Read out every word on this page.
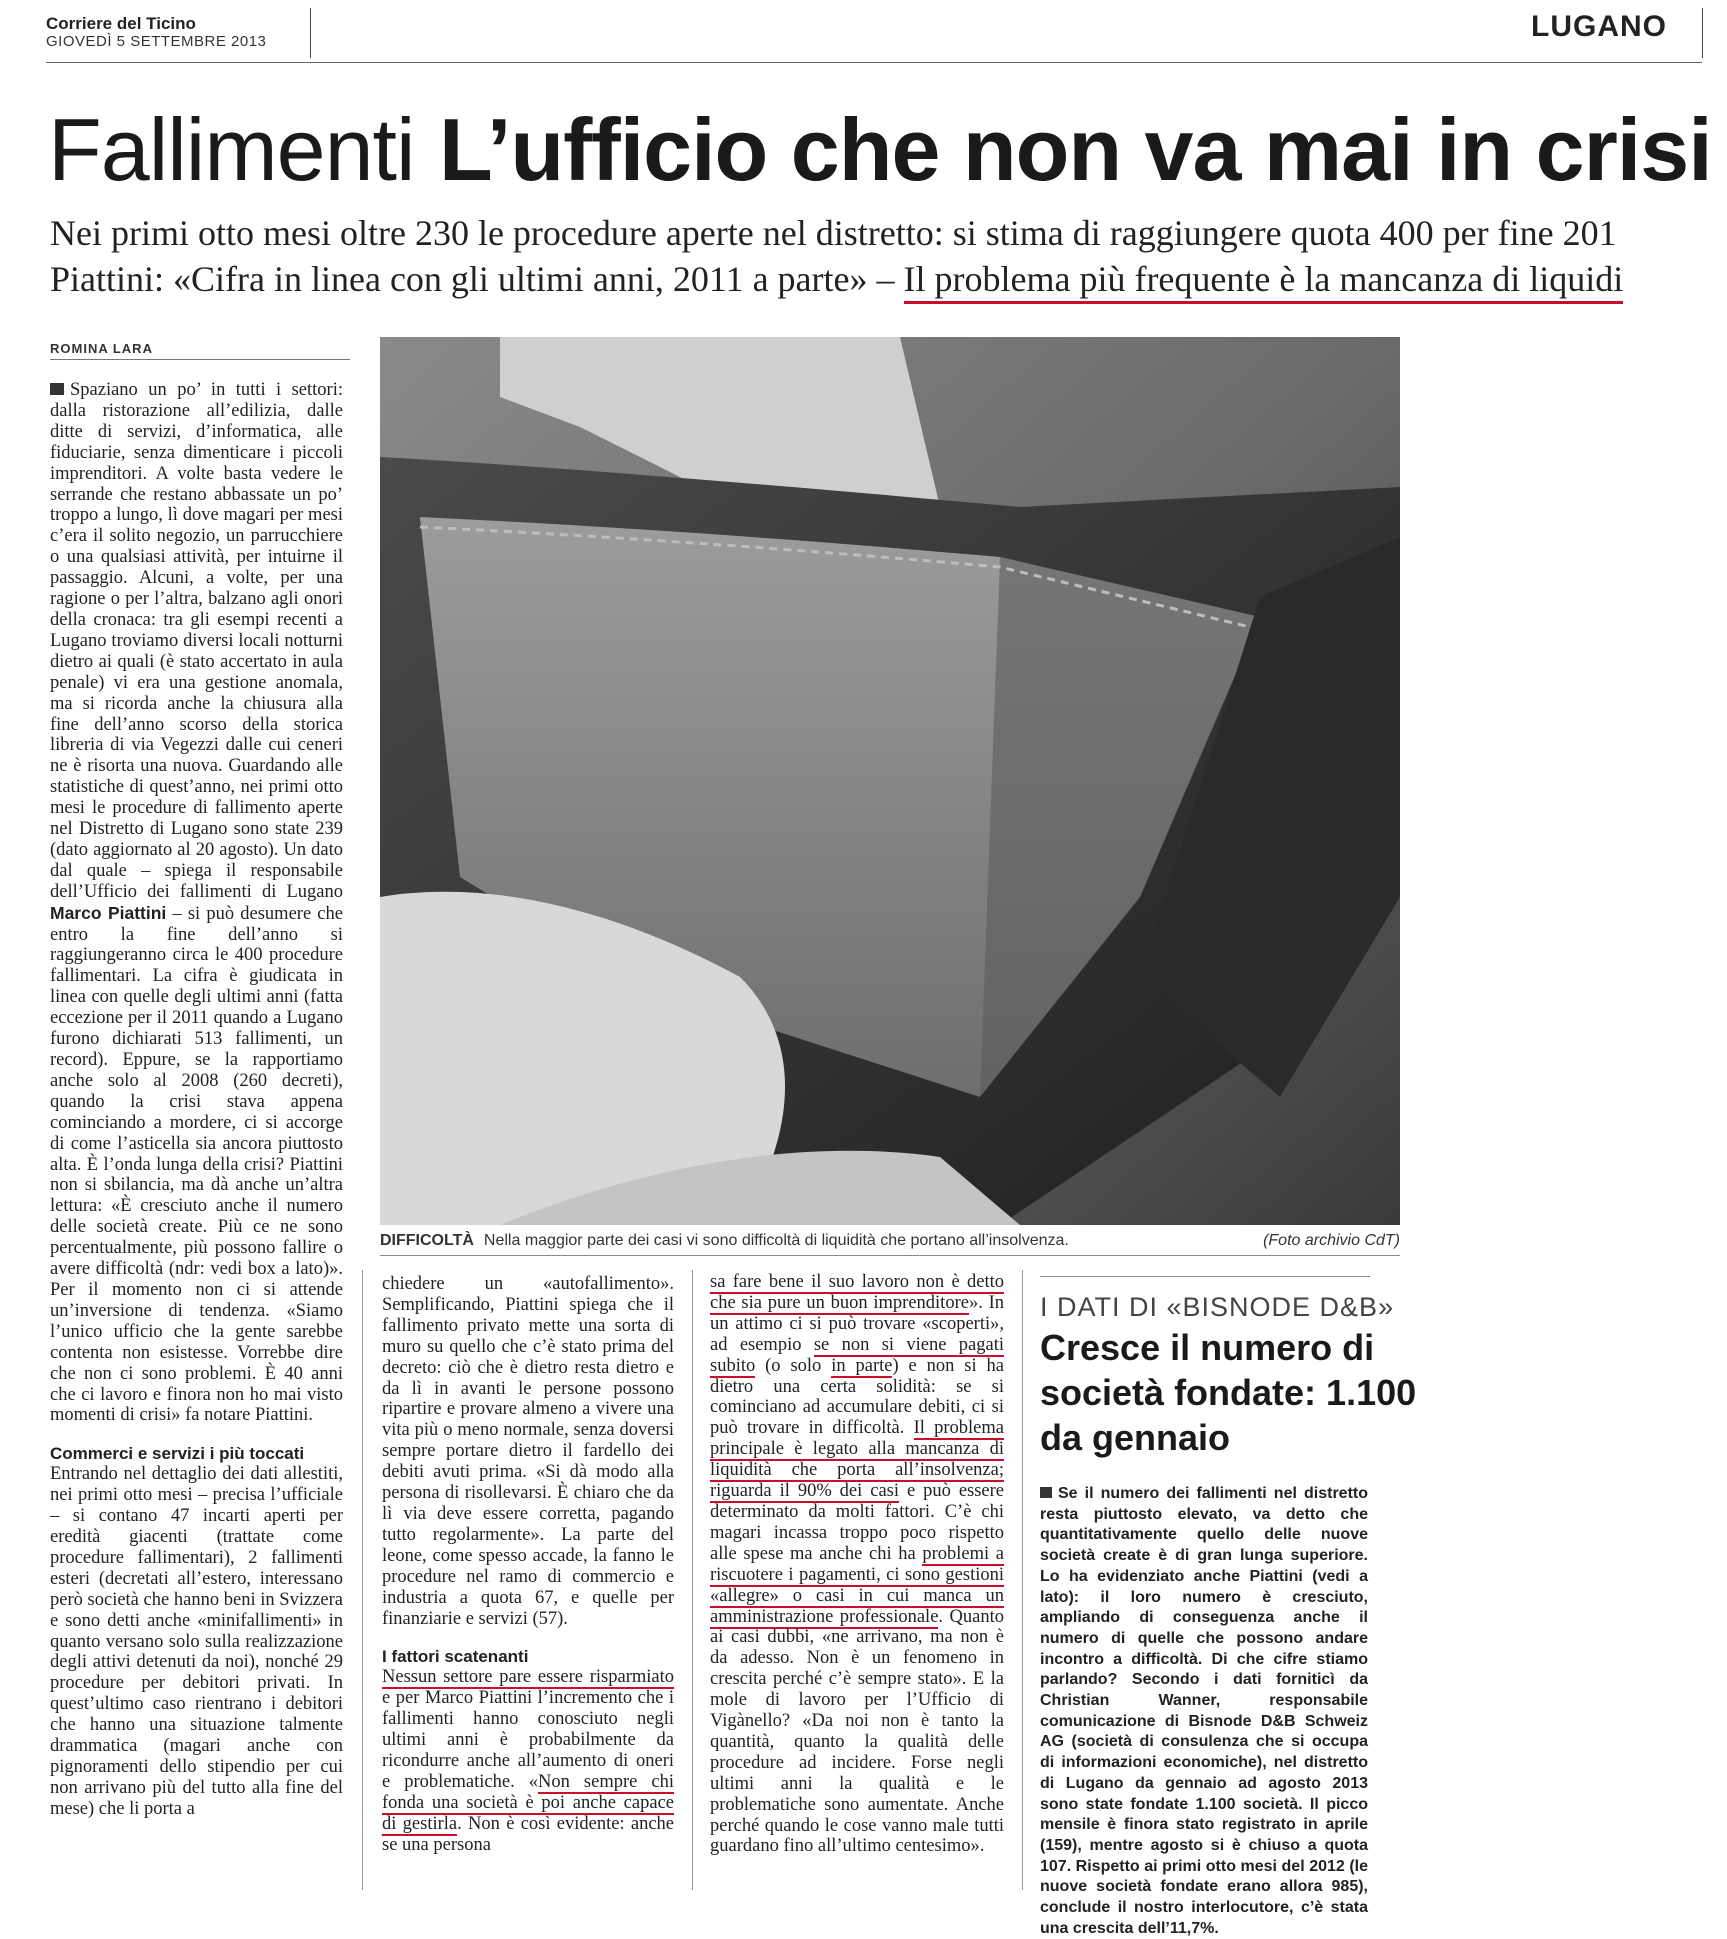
Corriere del Ticino
GIOVEDÌ 5 SETTEMBRE 2013	LUGANO
Fallimenti L’ufficio che non va mai in crisi
Nei primi otto mesi oltre 230 le procedure aperte nel distretto: si stima di raggiungere quota 400 per fine 201
Piattini: «Cifra in linea con gli ultimi anni, 2011 a parte» – Il problema più frequente è la mancanza di liquidi
ROMINA LARA

Spaziano un po’ in tutti i settori: dalla ristorazione all’edilizia, dalle ditte di servizi, d’informatica, alle fiduciarie, senza dimenticare i piccoli imprenditori. A volte basta vedere le serrande che restano abbassate un po’ troppo a lungo, lì dove magari per mesi c’era il solito negozio, un parrucchiere o una qualsiasi attività, per intuirne il passaggio. Alcuni, a volte, per una ragione o per l’altra, balzano agli onori della cronaca: tra gli esempi recenti a Lugano troviamo diversi locali notturni dietro ai quali (è stato accertato in aula penale) vi era una gestione anomala, ma si ricorda anche la chiusura alla fine dell’anno scorso della storica libreria di via Vegezzi dalle cui ceneri ne è risorta una nuova. Guardando alle statistiche di quest’anno, nei primi otto mesi le procedure di fallimento aperte nel Distretto di Lugano sono state 239 (dato aggiornato al 20 agosto). Un dato dal quale – spiega il responsabile dell’Ufficio dei fallimenti di Lugano Marco Piattini – si può desumere che entro la fine dell’anno si raggiungeranno circa le 400 procedure fallimentari. La cifra è giudicata in linea con quelle degli ultimi anni (fatta eccezione per il 2011 quando a Lugano furono dichiarati 513 fallimenti, un record). Eppure, se la rapportiamo anche solo al 2008 (260 decreti), quando la crisi stava appena cominciando a mordere, ci si accorge di come l’asticella sia ancora piuttosto alta. È l’onda lunga della crisi? Piattini non si sbilancia, ma dà anche un’altra lettura: «È cresciuto anche il numero delle società create. Più ce ne sono percentualmente, più possono fallire o avere difficoltà (ndr: vedi box a lato)». Per il momento non ci si attende un’inversione di tendenza. «Siamo l’unico ufficio che la gente sarebbe contenta non esistesse. Vorrebbe dire che non ci sono problemi. È 40 anni che ci lavoro e finora non ho mai visto momenti di crisi» fa notare Piattini.

Commerci e servizi i più toccati

Entrando nel dettaglio dei dati allestiti, nei primi otto mesi – precisa l’ufficiale – si contano 47 incarti aperti per eredità giacenti (trattate come procedure fallimentari), 2 fallimenti esteri (decretati all’estero, interessano però società che hanno beni in Svizzera e sono detti anche «minifallimenti» in quanto versano solo sulla realizzazione degli attivi detenuti da noi), nonché 29 procedure per debitori privati. In quest’ultimo caso rientrano i debitori che hanno una situazione talmente drammatica (magari anche con pignoramenti dello stipendio per cui non arrivano più del tutto alla fine del mese) che li porta a

DIFFICOLTÀ Nella maggior parte dei casi vi sono difficoltà di liquidità che portano all’insolvenza.	(Foto archivio CdT)

chiedere un «autofallimento». Semplificando, Piattini spiega che il fallimento privato mette una sorta di muro su quello che c’è stato prima del decreto: ciò che è dietro resta dietro e da lì in avanti le persone possono ripartire e provare almeno a vivere una vita più o meno normale, senza doversi sempre portare dietro il fardello dei debiti avuti prima. «Si dà modo alla persona di risollevarsi. È chiaro che da lì via deve essere corretta, pagando tutto regolarmente». La parte del leone, come spesso accade, la fanno le procedure nel ramo di commercio e industria a quota 67, e quelle per finanziarie e servizi (57).

I fattori scatenanti

Nessun settore pare essere risparmiato e per Marco Piattini l’incremento che i fallimenti hanno conosciuto negli ultimi anni è probabilmente da ricondurre anche all’aumento di oneri e problematiche. «Non sempre chi fonda una società è poi anche capace di gestirla. Non è così evidente: anche se una persona

sa fare bene il suo lavoro non è detto che sia pure un buon imprenditore». In un attimo ci si può trovare «scoperti», ad esempio se non si viene pagati subito (o solo in parte) e non si ha dietro una certa solidità: se si cominciano ad accumulare debiti, ci si può trovare in difficoltà. Il problema principale è legato alla mancanza di liquidità che porta all’insolvenza; riguarda il 90% dei casi e può essere determinato da molti fattori. C’è chi magari incassa troppo poco rispetto alle spese ma anche chi ha problemi a riscuotere i pagamenti, ci sono gestioni «allegre» o casi in cui manca un amministrazione professionale. Quanto ai casi dubbi, «ne arrivano, ma non è da adesso. Non è un fenomeno in crescita perché c’è sempre stato». E la mole di lavoro per l’Ufficio di Vigànello? «Da noi non è tanto la quantità, quanto la qualità delle procedure ad incidere. Forse negli ultimi anni la qualità e le problematiche sono aumentate. Anche perché quando le cose vanno male tutti guardano fino all’ultimo centesimo».

I DATI DI «BISNODE D&B»
Cresce il numero di società fondate: 1.100 da gennaio
Se il numero dei fallimenti nel distretto resta piuttosto elevato, va detto che quantitativamente quello delle nuove società create è di gran lunga superiore. Lo ha evidenziato anche Piattini (vedi a lato): il loro numero è cresciuto, ampliando di conseguenza anche il numero di quelle che possono andare incontro a difficoltà. Di che cifre stiamo parlando? Secondo i dati forniticì da Christian Wanner, responsabile comunicazione di Bisnode D&B Schweiz AG (società di consulenza che si occupa di informazioni economiche), nel distretto di Lugano da gennaio ad agosto 2013 sono state fondate 1.100 società. Il picco mensile è finora stato registrato in aprile (159), mentre agosto si è chiuso a quota 107. Rispetto ai primi otto mesi del 2012 (le nuove società fondate erano allora 985), conclude il nostro interlocutore, c’è stata una crescita dell’11,7%.
